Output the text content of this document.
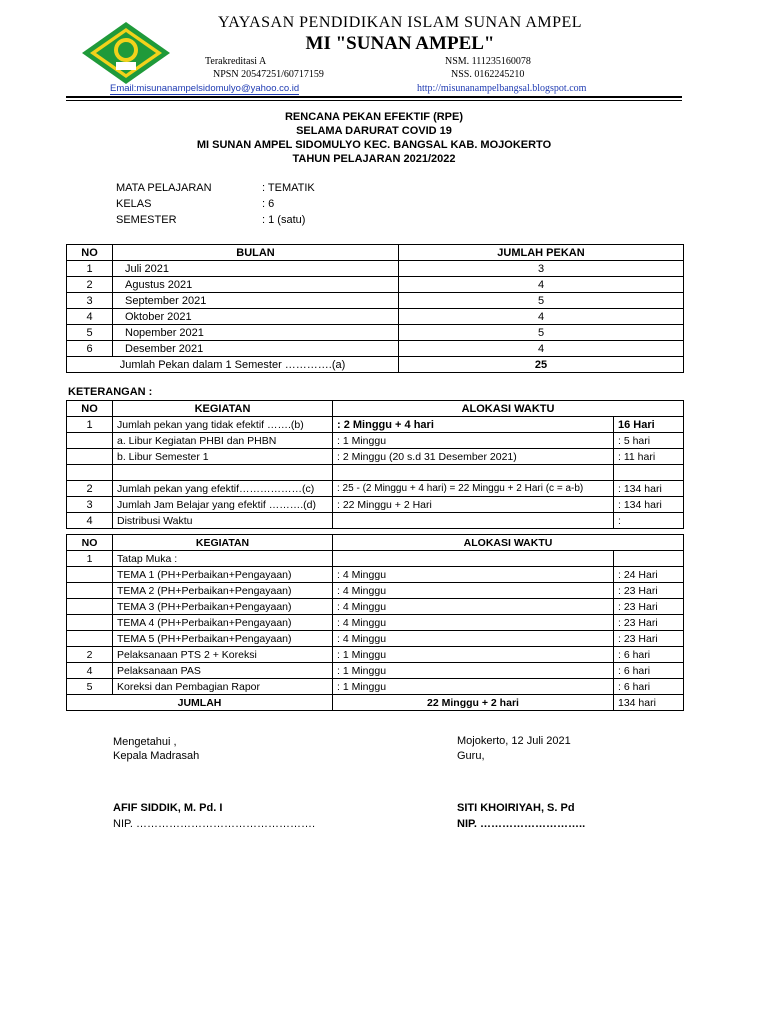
YAYASAN PENDIDIKAN ISLAM SUNAN AMPEL
MI "SUNAN AMPEL"
Terakreditasi A
NPSN 20547251/60717159
NSM. 111235160078
NSS. 0162245210
Email:misunanampelsidomulyo@yahoo.co.id	http://misunanampelbangsal.blogspot.com
RENCANA PEKAN EFEKTIF (RPE)
SELAMA DARURAT COVID 19
MI SUNAN AMPEL SIDOMULYO KEC. BANGSAL KAB. MOJOKERTO
TAHUN PELAJARAN 2021/2022
MATA PELAJARAN	: TEMATIK
KELAS	: 6
SEMESTER	: 1 (satu)
NO	BULAN	JUMLAH PEKAN
1	Juli 2021	3
2	Agustus 2021	4
3	September 2021	5
4	Oktober 2021	4
5	Nopember 2021	5
6	Desember 2021	4
Jumlah Pekan dalam 1 Semester ………….(a)		25
KETERANGAN :
NO	KEGIATAN	ALOKASI WAKTU	
1	Jumlah pekan yang tidak efektif …….(b)	: 2 Minggu + 4 hari	16 Hari
	a. Libur Kegiatan PHBI dan PHBN	: 1 Minggu	: 5 hari
	b. Libur Semester 1	: 2 Minggu (20 s.d 31 Desember 2021)	: 11 hari

2	Jumlah pekan yang efektif………………(c)	: 25 - (2 Minggu + 4 hari) = 22 Minggu + 2 Hari (c = a-b)	: 134 hari
3	Jumlah Jam Belajar yang efektif ……….(d)	: 22 Minggu + 2 Hari	: 134 hari
4	Distribusi Waktu		:
NO	KEGIATAN	ALOKASI WAKTU	
1	Tatap Muka :		
	TEMA 1 (PH+Perbaikan+Pengayaan)	: 4 Minggu	: 24 Hari
	TEMA 2 (PH+Perbaikan+Pengayaan)	: 4 Minggu	: 23 Hari
	TEMA 3 (PH+Perbaikan+Pengayaan)	: 4 Minggu	: 23 Hari
	TEMA 4 (PH+Perbaikan+Pengayaan)	: 4 Minggu	: 23 Hari
	TEMA 5 (PH+Perbaikan+Pengayaan)	: 4 Minggu	: 23 Hari
2	Pelaksanaan PTS 2 + Koreksi	: 1 Minggu	: 6 hari
4	Pelaksanaan PAS	: 1 Minggu	: 6 hari
5	Koreksi dan Pembagian Rapor	: 1 Minggu	: 6 hari
JUMLAH		22 Minggu + 2 hari	134 hari
Mengetahui ,
Kepala Madrasah
AFIF SIDDIK, M. Pd. I
NIP. ………………………………………….
Mojokerto, 12 Juli 2021
Guru,
SITI KHOIRIYAH, S. Pd
NIP. ………………………..
